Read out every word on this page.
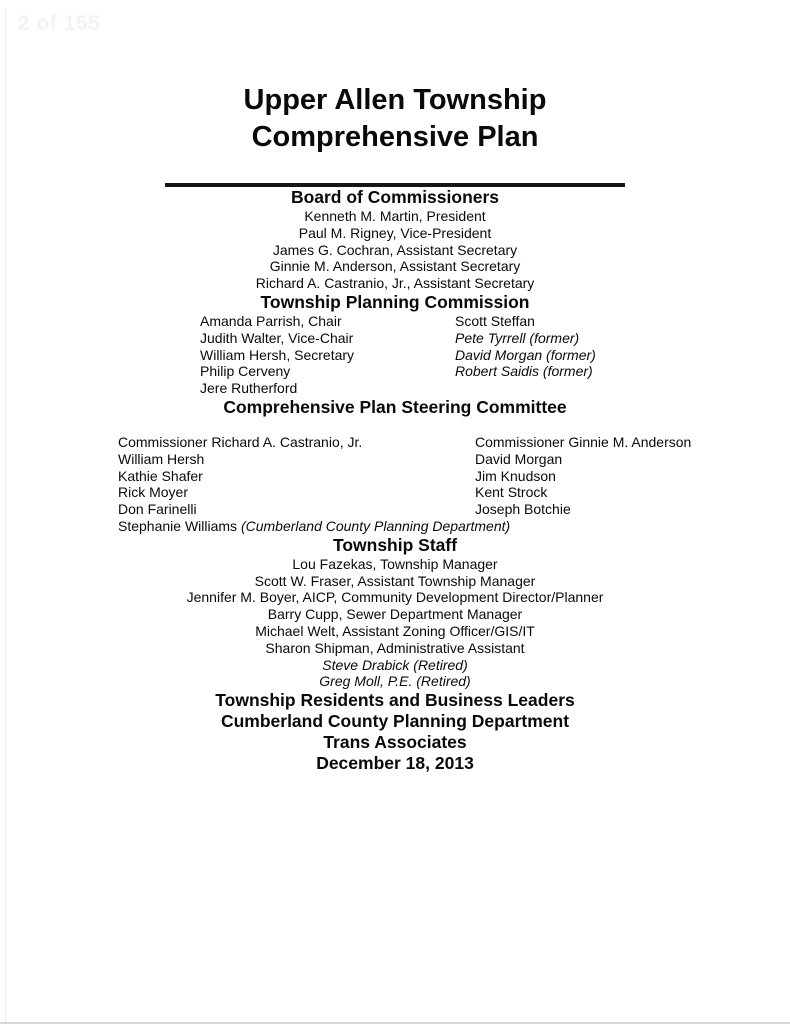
2 of 155
Upper Allen Township
Comprehensive Plan
Board of Commissioners
Kenneth M. Martin, President
Paul M. Rigney, Vice-President
James G. Cochran, Assistant Secretary
Ginnie M. Anderson, Assistant Secretary
Richard A. Castranio, Jr., Assistant Secretary
Township Planning Commission
Amanda Parrish, Chair
Judith Walter, Vice-Chair
William Hersh, Secretary
Philip Cerveny
Jere Rutherford
Scott Steffan
Pete Tyrrell (former)
David Morgan (former)
Robert Saidis (former)
Comprehensive Plan Steering Committee
Commissioner Richard A. Castranio, Jr.
William Hersh
Kathie Shafer
Rick Moyer
Don Farinelli
Commissioner Ginnie M. Anderson
David Morgan
Jim Knudson
Kent Strock
Joseph Botchie
Stephanie Williams (Cumberland County Planning Department)
Township Staff
Lou Fazekas, Township Manager
Scott W. Fraser, Assistant Township Manager
Jennifer M. Boyer, AICP, Community Development Director/Planner
Barry Cupp, Sewer Department Manager
Michael Welt, Assistant Zoning Officer/GIS/IT
Sharon Shipman, Administrative Assistant
Steve Drabick (Retired)
Greg Moll, P.E. (Retired)
Township Residents and Business Leaders
Cumberland County Planning Department
Trans Associates
December 18, 2013
